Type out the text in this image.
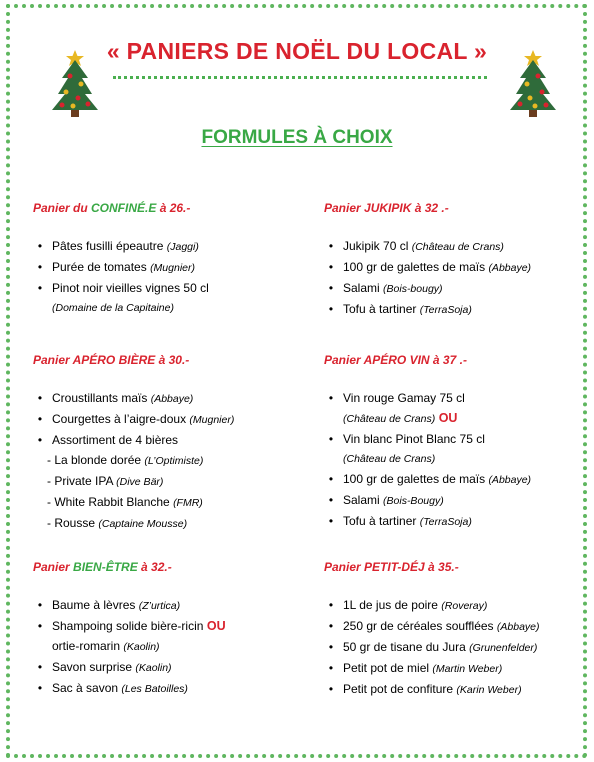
« PANIERS DE NOËL DU LOCAL »
FORMULES À CHOIX
Panier du CONFINÉ.E à 26.-
• Pâtes fusilli épeautre (Jaggi)
• Purée de tomates (Mugnier)
• Pinot noir vieilles vignes 50 cl
(Domaine de la Capitaine)
Panier JUKIPIK à 32 .-
• Jukipik 70 cl (Château de Crans)
• 100 gr de galettes de maïs (Abbaye)
• Salami (Bois-bougy)
• Tofu à tartiner (TerraSoja)
Panier APÉRO BIÈRE à 30.-
• Croustillants maïs (Abbaye)
• Courgettes à l’aigre-doux (Mugnier)
• Assortiment de 4 bières
- La blonde dorée (L’Optimiste)
- Private IPA (Dive Bär)
- White Rabbit Blanche (FMR)
- Rousse (Captaine Mousse)
Panier APÉRO VIN à 37 .-
• Vin rouge Gamay 75 cl
(Château de Crans) OU
• Vin blanc Pinot Blanc 75 cl
(Château de Crans)
• 100 gr de galettes de maïs (Abbaye)
• Salami (Bois-Bougy)
• Tofu à tartiner (TerraSoja)
Panier BIEN-ÊTRE à 32.-
• Baume à lèvres (Z’urtica)
• Shampoing solide bière-ricin OU
ortie-romarin (Kaolin)
• Savon surprise (Kaolin)
• Sac à savon (Les Batoilles)
Panier PETIT-DÉJ à 35.-
• 1L de jus de poire (Roveray)
• 250 gr de céréales soufflées (Abbaye)
• 50 gr de tisane du Jura (Grunenfelder)
• Petit pot de miel (Martin Weber)
• Petit pot de confiture (Karin Weber)
